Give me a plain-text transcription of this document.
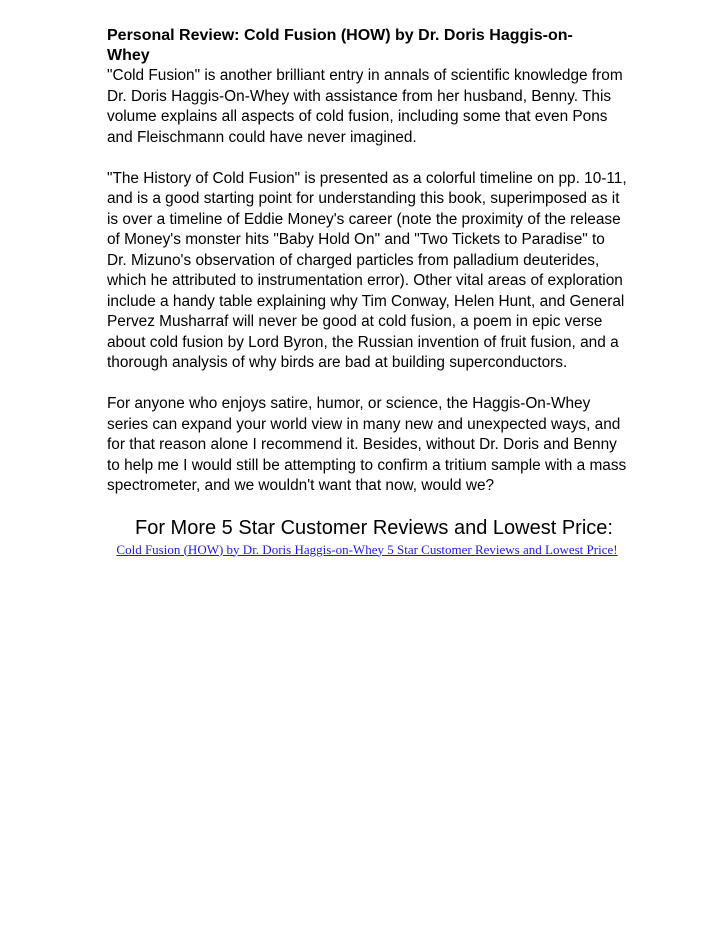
Personal Review: Cold Fusion (HOW) by Dr. Doris Haggis-on-Whey

"Cold Fusion" is another brilliant entry in annals of scientific knowledge from Dr. Doris Haggis-On-Whey with assistance from her husband, Benny. This volume explains all aspects of cold fusion, including some that even Pons and Fleischmann could have never imagined.

"The History of Cold Fusion" is presented as a colorful timeline on pp. 10-11, and is a good starting point for understanding this book, superimposed as it is over a timeline of Eddie Money's career (note the proximity of the release of Money's monster hits "Baby Hold On" and "Two Tickets to Paradise" to Dr. Mizuno's observation of charged particles from palladium deuterides, which he attributed to instrumentation error). Other vital areas of exploration include a handy table explaining why Tim Conway, Helen Hunt, and General Pervez Musharraf will never be good at cold fusion, a poem in epic verse about cold fusion by Lord Byron, the Russian invention of fruit fusion, and a thorough analysis of why birds are bad at building superconductors.

For anyone who enjoys satire, humor, or science, the Haggis-On-Whey series can expand your world view in many new and unexpected ways, and for that reason alone I recommend it. Besides, without Dr. Doris and Benny to help me I would still be attempting to confirm a tritium sample with a mass spectrometer, and we wouldn't want that now, would we?

For More 5 Star Customer Reviews and Lowest Price:

Cold Fusion (HOW) by Dr. Doris Haggis-on-Whey 5 Star Customer Reviews and Lowest Price!
